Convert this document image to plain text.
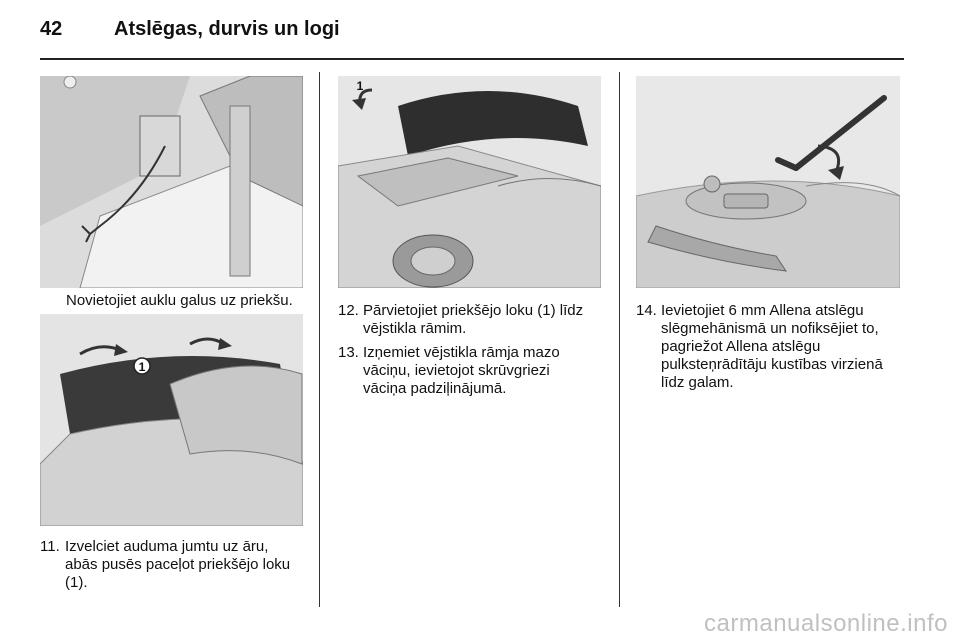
42	Atslēgas, durvis un logi
Novietojiet auklu galus uz priekšu.
1
11. Izvelciet auduma jumtu uz āru,
abās pusēs paceļot priekšējo loku
(1).
1
12. Pārvietojiet priekšējo loku (1) līdz
vējstikla rāmim.
13. Izņemiet vējstikla rāmja mazo
vāciņu, ievietojot skrūvgriezi
vāciņa padziļinājumā.
14. Ievietojiet 6 mm Allena atslēgu
slēgmehānismā un nofiksējiet to,
pagriežot Allena atslēgu
pulksteņrādītāju kustības virzienā
līdz galam.
carmanualsonline.info
